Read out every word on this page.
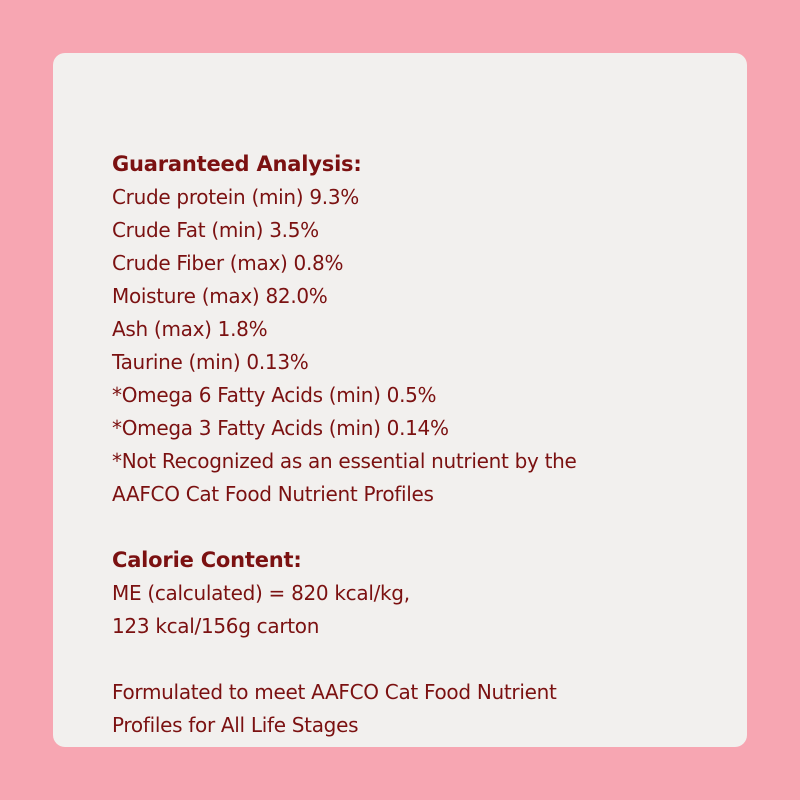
Guaranteed Analysis:
Crude protein (min) 9.3%
Crude Fat (min) 3.5%
Crude Fiber (max) 0.8%
Moisture (max) 82.0%
Ash (max) 1.8%
Taurine (min) 0.13%
*Omega 6 Fatty Acids (min) 0.5%
*Omega 3 Fatty Acids (min) 0.14%
*Not Recognized as an essential nutrient by the
AAFCO Cat Food Nutrient Profiles
Calorie Content:
ME (calculated) = 820 kcal/kg,
123 kcal/156g carton
Formulated to meet AAFCO Cat Food Nutrient
Profiles for All Life Stages
